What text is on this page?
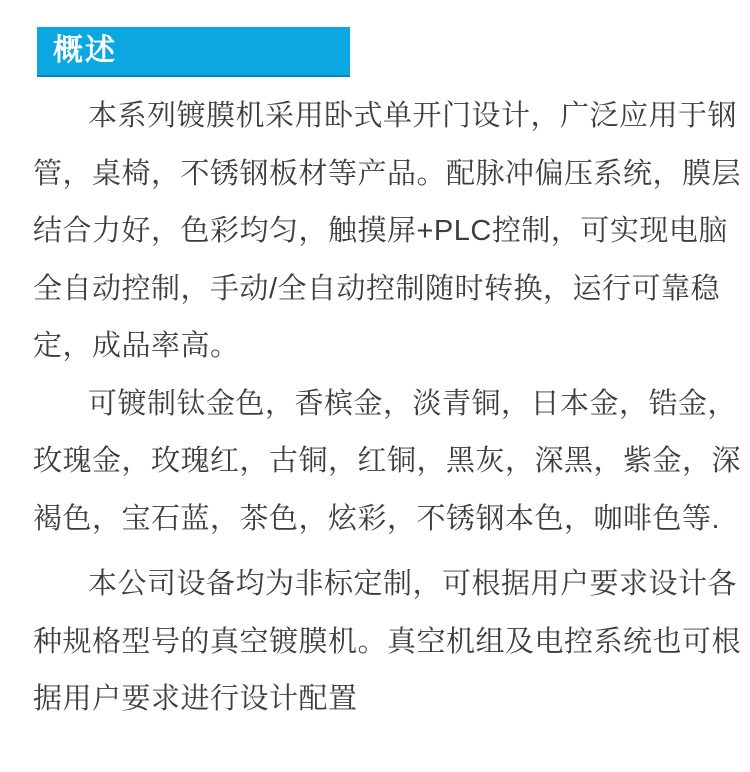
概述
本系列镀膜机采用卧式单开门设计，广泛应用于钢
管，桌椅，不锈钢板材等产品。配脉冲偏压系统，膜层
结合力好，色彩均匀，触摸屏+PLC控制，可实现电脑
全自动控制，手动/全自动控制随时转换，运行可靠稳
定，成品率高。
可镀制钛金色，香槟金，淡青铜，日本金，锆金，
玫瑰金，玫瑰红，古铜，红铜，黑灰，深黑，紫金，深
褐色，宝石蓝，茶色，炫彩，不锈钢本色，咖啡色等.
本公司设备均为非标定制，可根据用户要求设计各
种规格型号的真空镀膜机。真空机组及电控系统也可根
据用户要求进行设计配置
